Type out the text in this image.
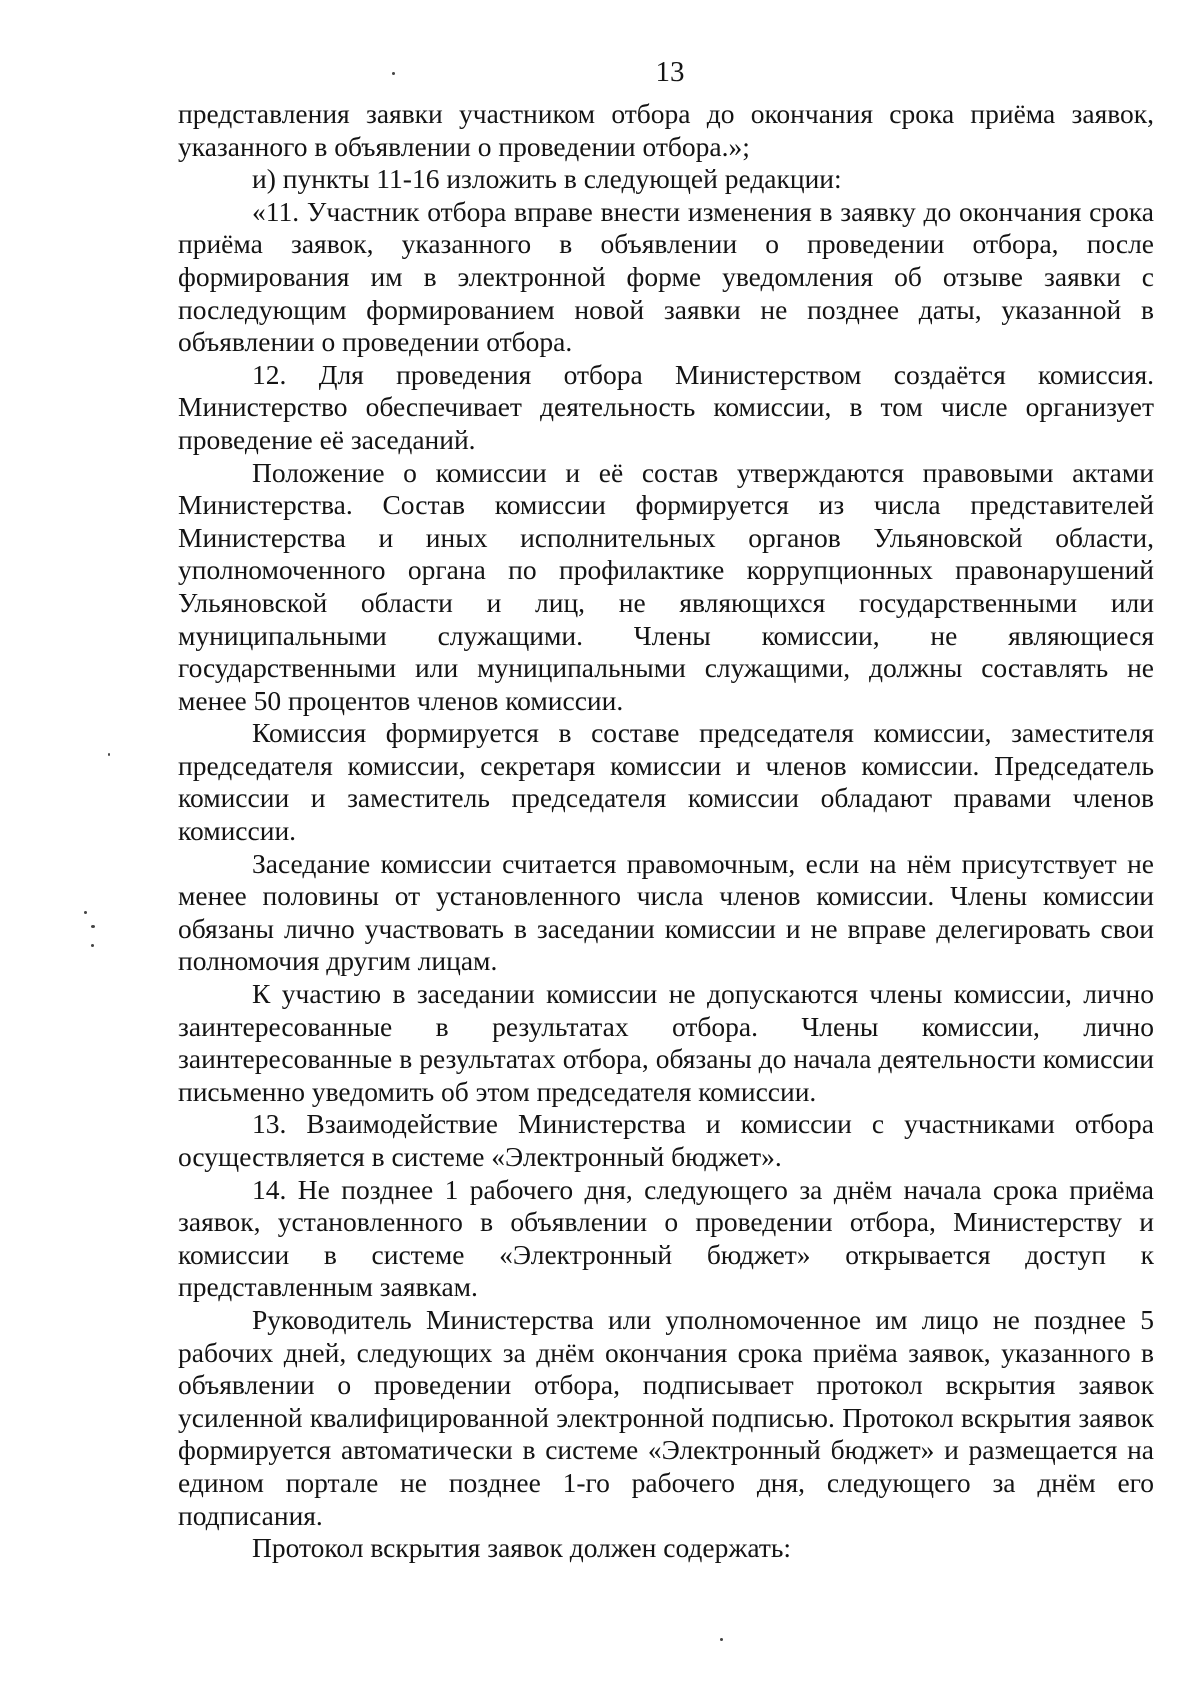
13

представления заявки участником отбора до окончания срока приёма заявок, указанного в объявлении о проведении отбора.»;

и) пункты 11-16 изложить в следующей редакции:

«11. Участник отбора вправе внести изменения в заявку до окончания срока приёма заявок, указанного в объявлении о проведении отбора, после формирования им в электронной форме уведомления об отзыве заявки с последующим формированием новой заявки не позднее даты, указанной в объявлении о проведении отбора.

12. Для проведения отбора Министерством создаётся комиссия. Министерство обеспечивает деятельность комиссии, в том числе организует проведение её заседаний.

Положение о комиссии и её состав утверждаются правовыми актами Министерства. Состав комиссии формируется из числа представителей Министерства и иных исполнительных органов Ульяновской области, уполномоченного органа по профилактике коррупционных правонарушений Ульяновской области и лиц, не являющихся государственными или муниципальными служащими. Члены комиссии, не являющиеся государственными или муниципальными служащими, должны составлять не менее 50 процентов членов комиссии.

Комиссия формируется в составе председателя комиссии, заместителя председателя комиссии, секретаря комиссии и членов комиссии. Председатель комиссии и заместитель председателя комиссии обладают правами членов комиссии.

Заседание комиссии считается правомочным, если на нём присутствует не менее половины от установленного числа членов комиссии. Члены комиссии обязаны лично участвовать в заседании комиссии и не вправе делегировать свои полномочия другим лицам.

К участию в заседании комиссии не допускаются члены комиссии, лично заинтересованные в результатах отбора. Члены комиссии, лично заинтересованные в результатах отбора, обязаны до начала деятельности комиссии письменно уведомить об этом председателя комиссии.

13. Взаимодействие Министерства и комиссии с участниками отбора осуществляется в системе «Электронный бюджет».

14. Не позднее 1 рабочего дня, следующего за днём начала срока приёма заявок, установленного в объявлении о проведении отбора, Министерству и комиссии в системе «Электронный бюджет» открывается доступ к представленным заявкам.

Руководитель Министерства или уполномоченное им лицо не позднее 5 рабочих дней, следующих за днём окончания срока приёма заявок, указанного в объявлении о проведении отбора, подписывает протокол вскрытия заявок усиленной квалифицированной электронной подписью. Протокол вскрытия заявок формируется автоматически в системе «Электронный бюджет» и размещается на едином портале не позднее 1-го рабочего дня, следующего за днём его подписания.

Протокол вскрытия заявок должен содержать:
